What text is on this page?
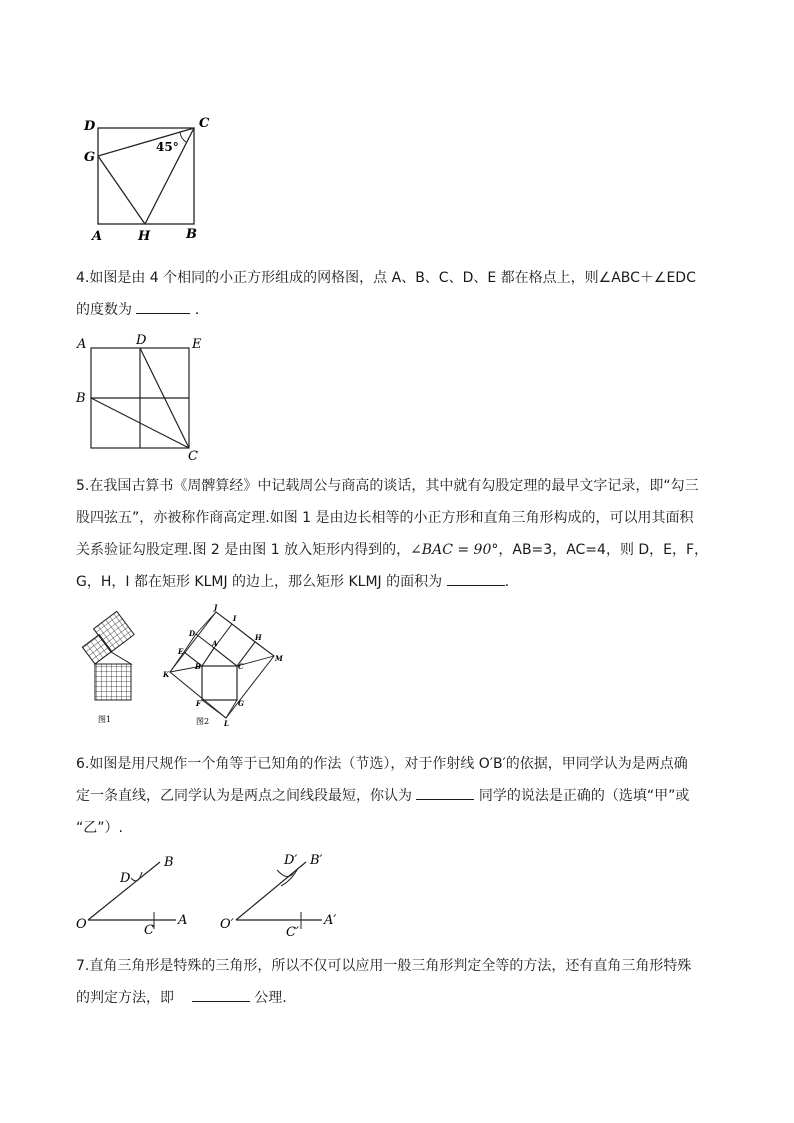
D	C
G
45°
A	H	B

4.如图是由 4 个相同的小正方形组成的网格图，点 A、B、C、D、E 都在格点上，则∠ABC＋∠EDC

的度数为	．

A	D	E
B
C

5.在我国古算书《周髀算经》中记载周公与商高的谈话，其中就有勾股定理的最早文字记录，即“勾三

股四弦五”，亦被称作商高定理.如图 1 是由边长相等的小正方形和直角三角形构成的，可以用其面积

关系验证勾股定理.图 2 是由图 1 放入矩形内得到的，∠BAC = 90°，AB=3，AC=4，则 D，E，F，

G，H，I 都在矩形 KLMJ 的边上，那么矩形 KLMJ 的面积为	.

图1
J
I
A
D	H
E
M
B	C
K
F	G
L
图2

6.如图是用尺规作一个角等于已知角的作法（节选），对于作射线 O′B′的依据，甲同学认为是两点确

定一条直线，乙同学认为是两点之间线段最短，你认为	同学的说法是正确的（选填“甲”或

“乙”）.

B
D
O	C
A
B′
D′
O′
C′
A′

7.直角三角形是特殊的三角形，所以不仅可以应用一般三角形判定全等的方法，还有直角三角形特殊

的判定方法，即	公理.
